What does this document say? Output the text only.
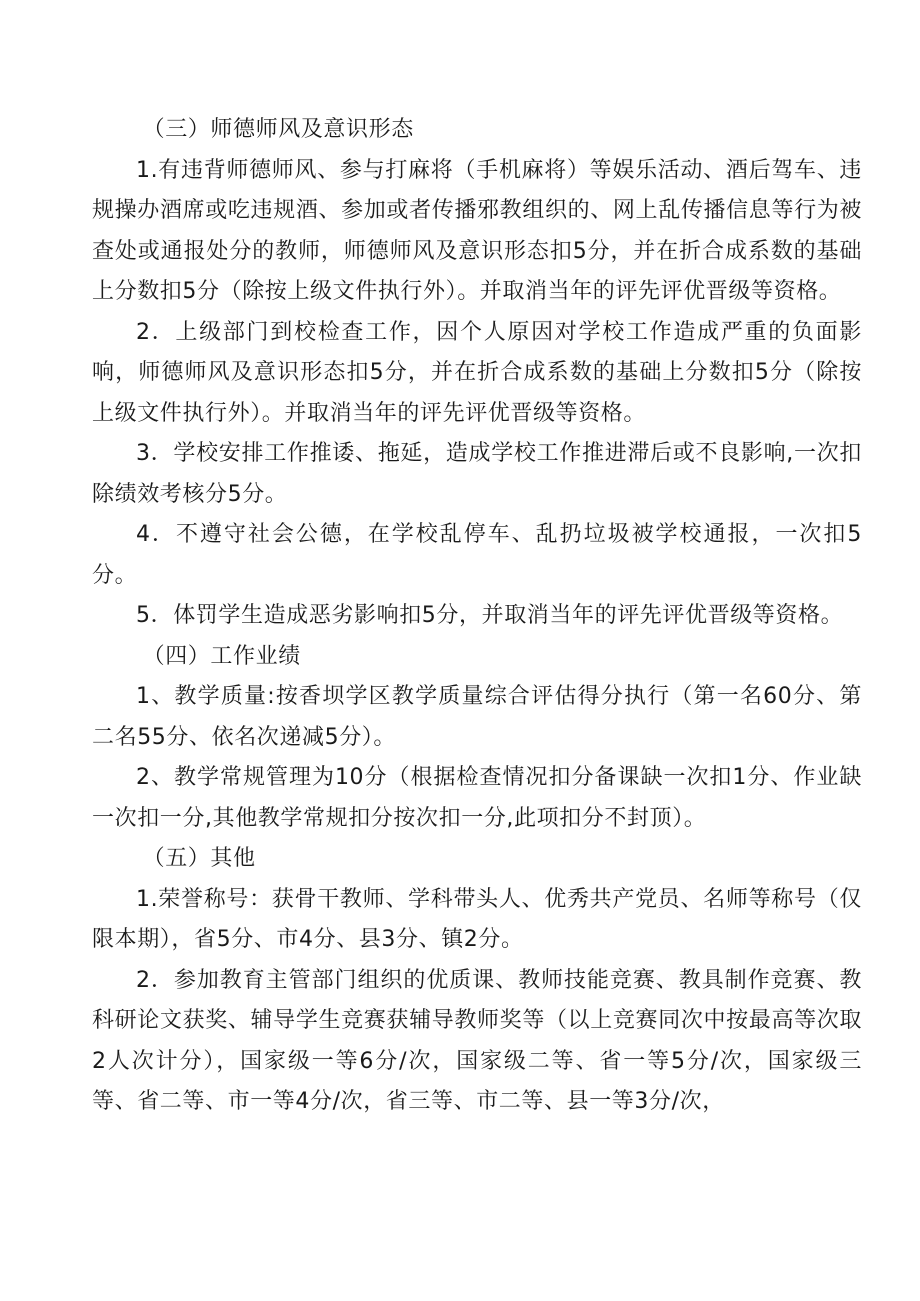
（三）师德师风及意识形态

1.有违背师德师风、参与打麻将（手机麻将）等娱乐活动、酒后驾车、违规操办酒席或吃违规酒、参加或者传播邪教组织的、网上乱传播信息等行为被查处或通报处分的教师，师德师风及意识形态扣5分，并在折合成系数的基础上分数扣5分（除按上级文件执行外）。并取消当年的评先评优晋级等资格。

2．上级部门到校检查工作，因个人原因对学校工作造成严重的负面影响，师德师风及意识形态扣5分，并在折合成系数的基础上分数扣5分（除按上级文件执行外）。并取消当年的评先评优晋级等资格。

3．学校安排工作推诿、拖延，造成学校工作推进滞后或不良影响,一次扣除绩效考核分5分。

4．不遵守社会公德，在学校乱停车、乱扔垃圾被学校通报，一次扣5分。

5．体罚学生造成恶劣影响扣5分，并取消当年的评先评优晋级等资格。

（四）工作业绩

1、教学质量:按香坝学区教学质量综合评估得分执行（第一名60分、第二名55分、依名次递减5分）。

2、教学常规管理为10分（根据检查情况扣分备课缺一次扣1分、作业缺一次扣一分,其他教学常规扣分按次扣一分,此项扣分不封顶）。

（五）其他

1.荣誉称号：获骨干教师、学科带头人、优秀共产党员、名师等称号（仅限本期），省5分、市4分、县3分、镇2分。

2．参加教育主管部门组织的优质课、教师技能竞赛、教具制作竞赛、教科研论文获奖、辅导学生竞赛获辅导教师奖等（以上竞赛同次中按最高等次取2人次计分），国家级一等6分/次，国家级二等、省一等5分/次，国家级三等、省二等、市一等4分/次，省三等、市二等、县一等3分/次，
